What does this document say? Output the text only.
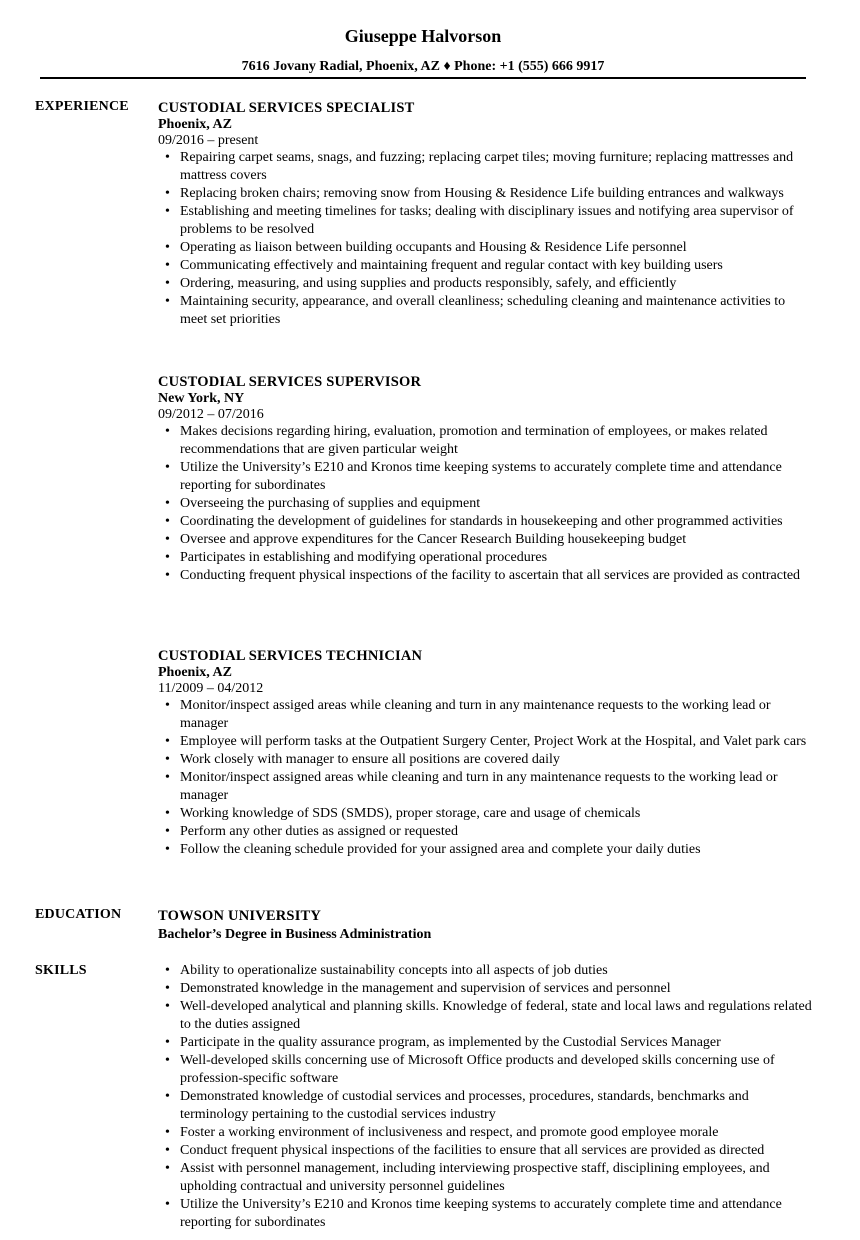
Giuseppe Halvorson
7616 Jovany Radial, Phoenix, AZ ♦ Phone: +1 (555) 666 9917
EXPERIENCE CUSTODIAL SERVICES SPECIALIST
Phoenix, AZ
09/2016 – present
• Repairing carpet seams, snags, and fuzzing; replacing carpet tiles; moving furniture; replacing mattresses and mattress covers
• Replacing broken chairs; removing snow from Housing & Residence Life building entrances and walkways
• Establishing and meeting timelines for tasks; dealing with disciplinary issues and notifying area supervisor of problems to be resolved
• Operating as liaison between building occupants and Housing & Residence Life personnel
• Communicating effectively and maintaining frequent and regular contact with key building users
• Ordering, measuring, and using supplies and products responsibly, safely, and efficiently
• Maintaining security, appearance, and overall cleanliness; scheduling cleaning and maintenance activities to meet set priorities
CUSTODIAL SERVICES SUPERVISOR
New York, NY
09/2012 – 07/2016
• Makes decisions regarding hiring, evaluation, promotion and termination of employees, or makes related recommendations that are given particular weight
• Utilize the University’s E210 and Kronos time keeping systems to accurately complete time and attendance reporting for subordinates
• Overseeing the purchasing of supplies and equipment
• Coordinating the development of guidelines for standards in housekeeping and other programmed activities
• Oversee and approve expenditures for the Cancer Research Building housekeeping budget
• Participates in establishing and modifying operational procedures
• Conducting frequent physical inspections of the facility to ascertain that all services are provided as contracted
CUSTODIAL SERVICES TECHNICIAN
Phoenix, AZ
11/2009 – 04/2012
• Monitor/inspect assiged areas while cleaning and turn in any maintenance requests to the working lead or manager
• Employee will perform tasks at the Outpatient Surgery Center, Project Work at the Hospital, and Valet park cars
• Work closely with manager to ensure all positions are covered daily
• Monitor/inspect assigned areas while cleaning and turn in any maintenance requests to the working lead or manager
• Working knowledge of SDS (SMDS), proper storage, care and usage of chemicals
• Perform any other duties as assigned or requested
• Follow the cleaning schedule provided for your assigned area and complete your daily duties
EDUCATION	TOWSON UNIVERSITY
Bachelor’s Degree in Business Administration
SKILLS	• Ability to operationalize sustainability concepts into all aspects of job duties
• Demonstrated knowledge in the management and supervision of services and personnel
• Well-developed analytical and planning skills. Knowledge of federal, state and local laws and regulations related to the duties assigned
• Participate in the quality assurance program, as implemented by the Custodial Services Manager
• Well-developed skills concerning use of Microsoft Office products and developed skills concerning use of profession-specific software
• Demonstrated knowledge of custodial services and processes, procedures, standards, benchmarks and terminology pertaining to the custodial services industry
• Foster a working environment of inclusiveness and respect, and promote good employee morale
• Conduct frequent physical inspections of the facilities to ensure that all services are provided as directed
• Assist with personnel management, including interviewing prospective staff, disciplining employees, and upholding contractual and university personnel guidelines
• Utilize the University’s E210 and Kronos time keeping systems to accurately complete time and attendance reporting for subordinates
